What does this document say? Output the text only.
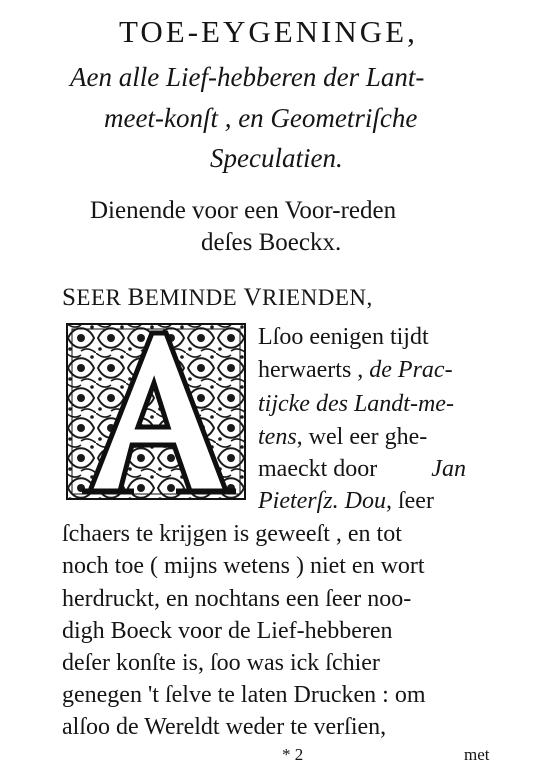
TOE-EYGENINGE,
Aen alle Lief-hebberen der Lant-
meet-konſt , en Geometriſche
Speculatien.
Dienende voor een Voor-reden
deſes Boeckx.
SEER BEMINDE VRIENDEN,
Lſoo eenigen tijdt
herwaerts , de Prac-
tijcke des Landt-me-
tens, wel eer ghe-
maeckt door Jan
Pieterſz. Dou, ſeer
ſchaers te krijgen is geweeſt , en tot
noch toe ( mijns wetens ) niet en wort
herdruckt, en nochtans een ſeer noo-
digh Boeck voor de Lief-hebberen
deſer konſte is, ſoo was ick ſchier
genegen 't ſelve te laten Drucken : om
alſoo de Wereldt weder te verſien,
* 2	met
